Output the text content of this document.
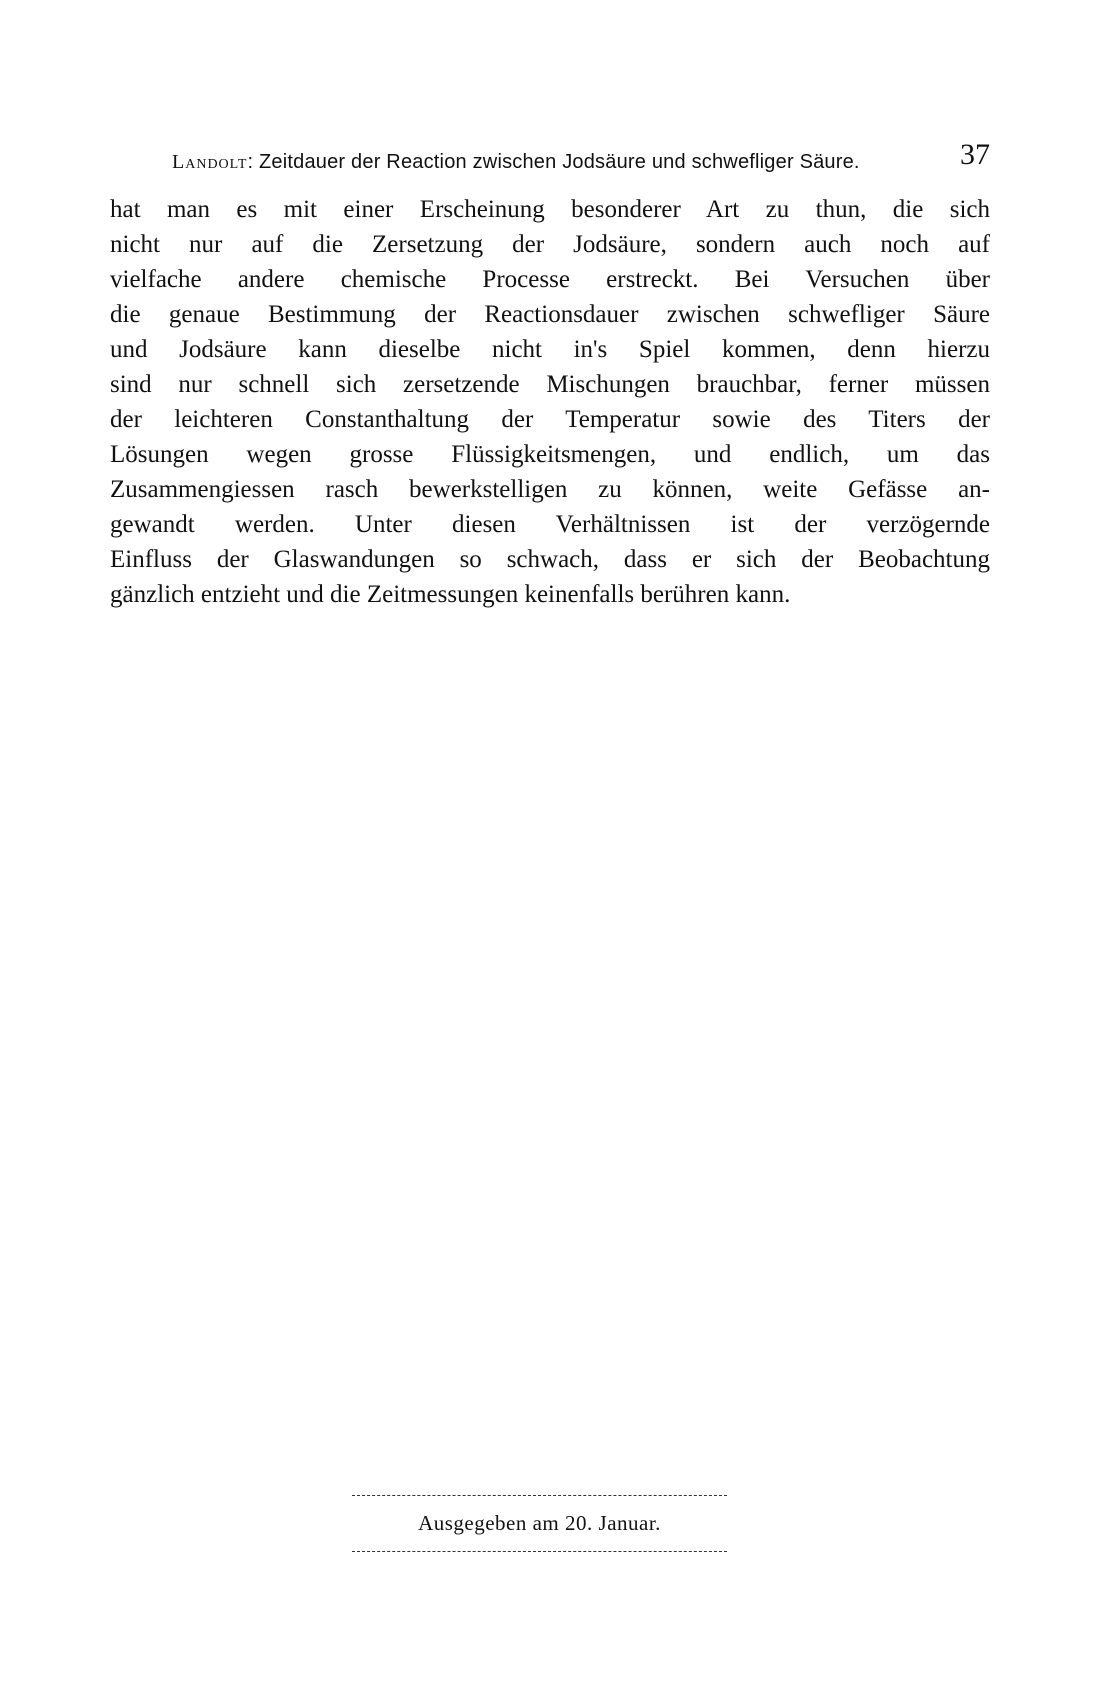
Landolt: Zeitdauer der Reaction zwischen Jodsäure und schwefliger Säure.	37
hat man es mit einer Erscheinung besonderer Art zu thun, die sich
nicht nur auf die Zersetzung der Jodsäure, sondern auch noch auf
vielfache andere chemische Processe erstreckt. Bei Versuchen über
die genaue Bestimmung der Reactionsdauer zwischen schwefliger Säure
und Jodsäure kann dieselbe nicht in's Spiel kommen, denn hierzu
sind nur schnell sich zersetzende Mischungen brauchbar, ferner müssen
der leichteren Constanthaltung der Temperatur sowie des Titers der
Lösungen wegen grosse Flüssigkeitsmengen, und endlich, um das
Zusammengiessen rasch bewerkstelligen zu können, weite Gefässe an-
gewandt werden. Unter diesen Verhältnissen ist der verzögernde
Einfluss der Glaswandungen so schwach, dass er sich der Beobachtung
gänzlich entzieht und die Zeitmessungen keinenfalls berühren kann.
Ausgegeben am 20. Januar.
